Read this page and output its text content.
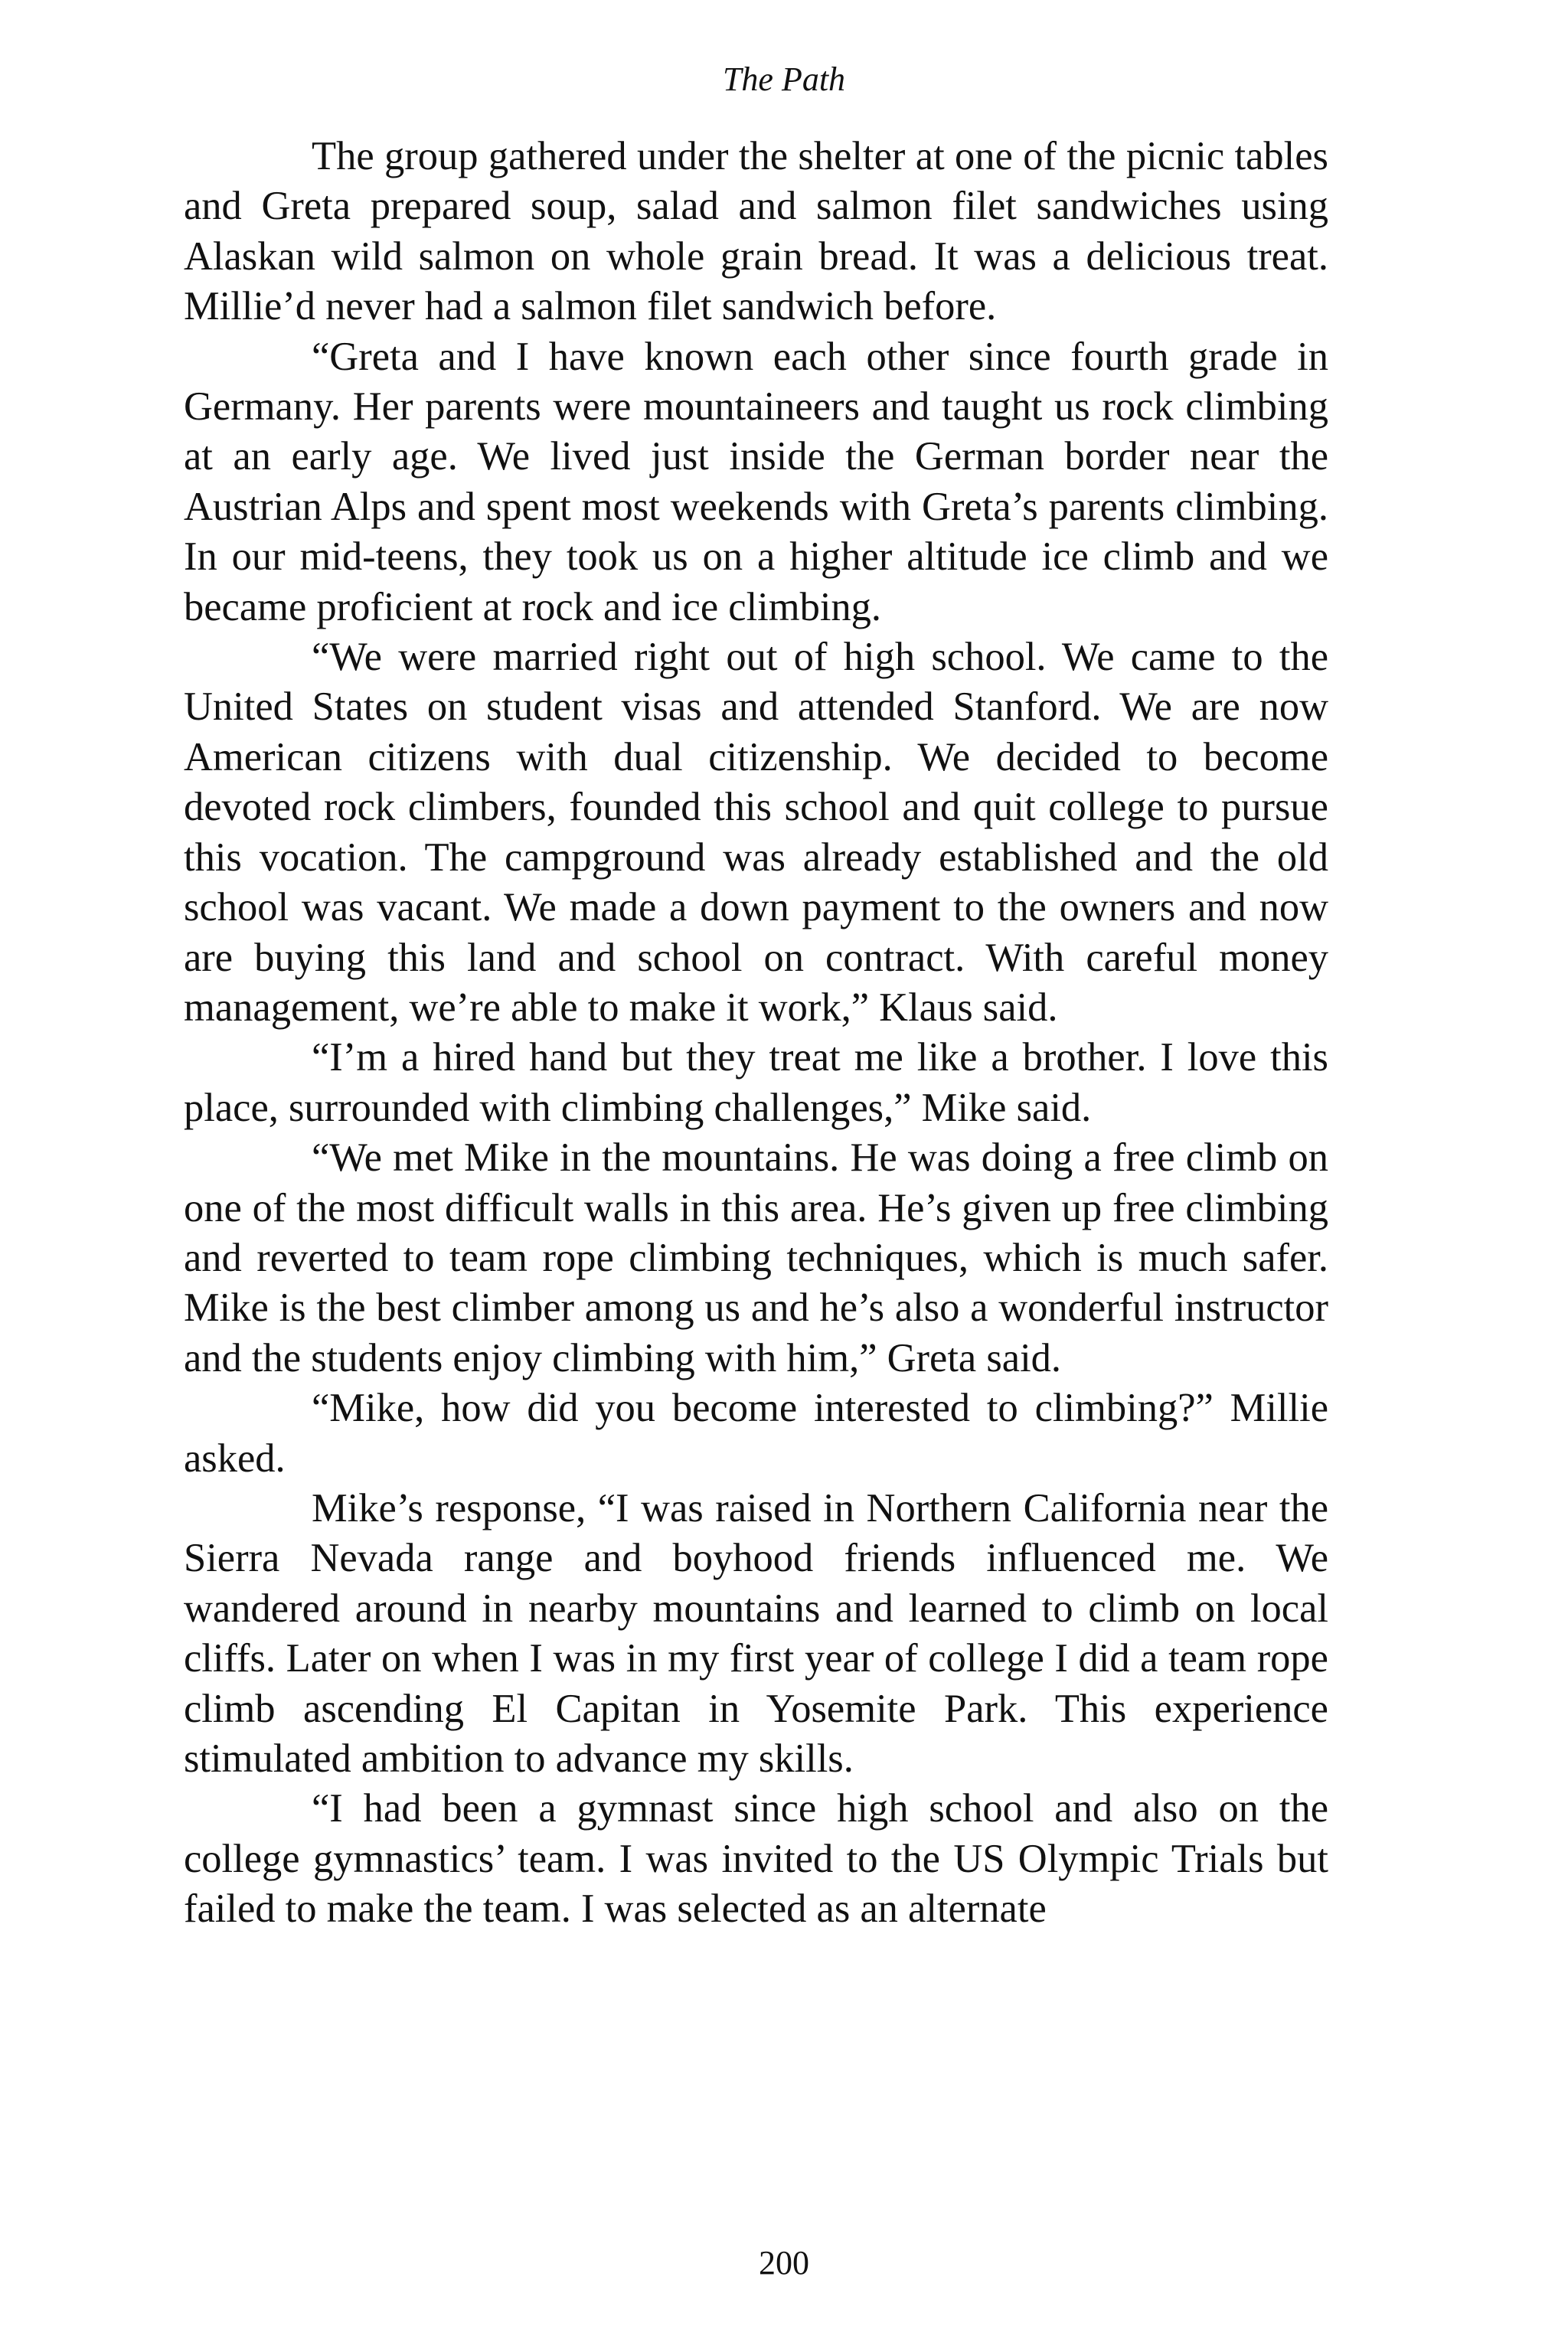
The Path

The group gathered under the shelter at one of the picnic tables and Greta prepared soup, salad and salmon filet sandwiches using Alaskan wild salmon on whole grain bread. It was a delicious treat. Millie’d never had a salmon filet sandwich before.

“Greta and I have known each other since fourth grade in Germany. Her parents were mountaineers and taught us rock climbing at an early age. We lived just inside the German border near the Austrian Alps and spent most weekends with Greta’s parents climbing. In our mid-teens, they took us on a higher altitude ice climb and we became proficient at rock and ice climbing.

“We were married right out of high school. We came to the United States on student visas and attended Stanford. We are now American citizens with dual citizenship. We decided to become devoted rock climbers, founded this school and quit college to pursue this vocation. The campground was already established and the old school was vacant. We made a down payment to the owners and now are buying this land and school on contract. With careful money management, we’re able to make it work,” Klaus said.

“I’m a hired hand but they treat me like a brother. I love this place, surrounded with climbing challenges,” Mike said.

“We met Mike in the mountains. He was doing a free climb on one of the most difficult walls in this area. He’s given up free climbing and reverted to team rope climbing techniques, which is much safer. Mike is the best climber among us and he’s also a wonderful instructor and the students enjoy climbing with him,” Greta said.

“Mike, how did you become interested to climbing?” Millie asked.

Mike’s response, “I was raised in Northern California near the Sierra Nevada range and boyhood friends influenced me. We wandered around in nearby mountains and learned to climb on local cliffs. Later on when I was in my first year of college I did a team rope climb ascending El Capitan in Yosemite Park. This experience stimulated ambition to advance my skills.

“I had been a gymnast since high school and also on the college gymnastics’ team. I was invited to the US Olympic Trials but failed to make the team. I was selected as an alternate

200
